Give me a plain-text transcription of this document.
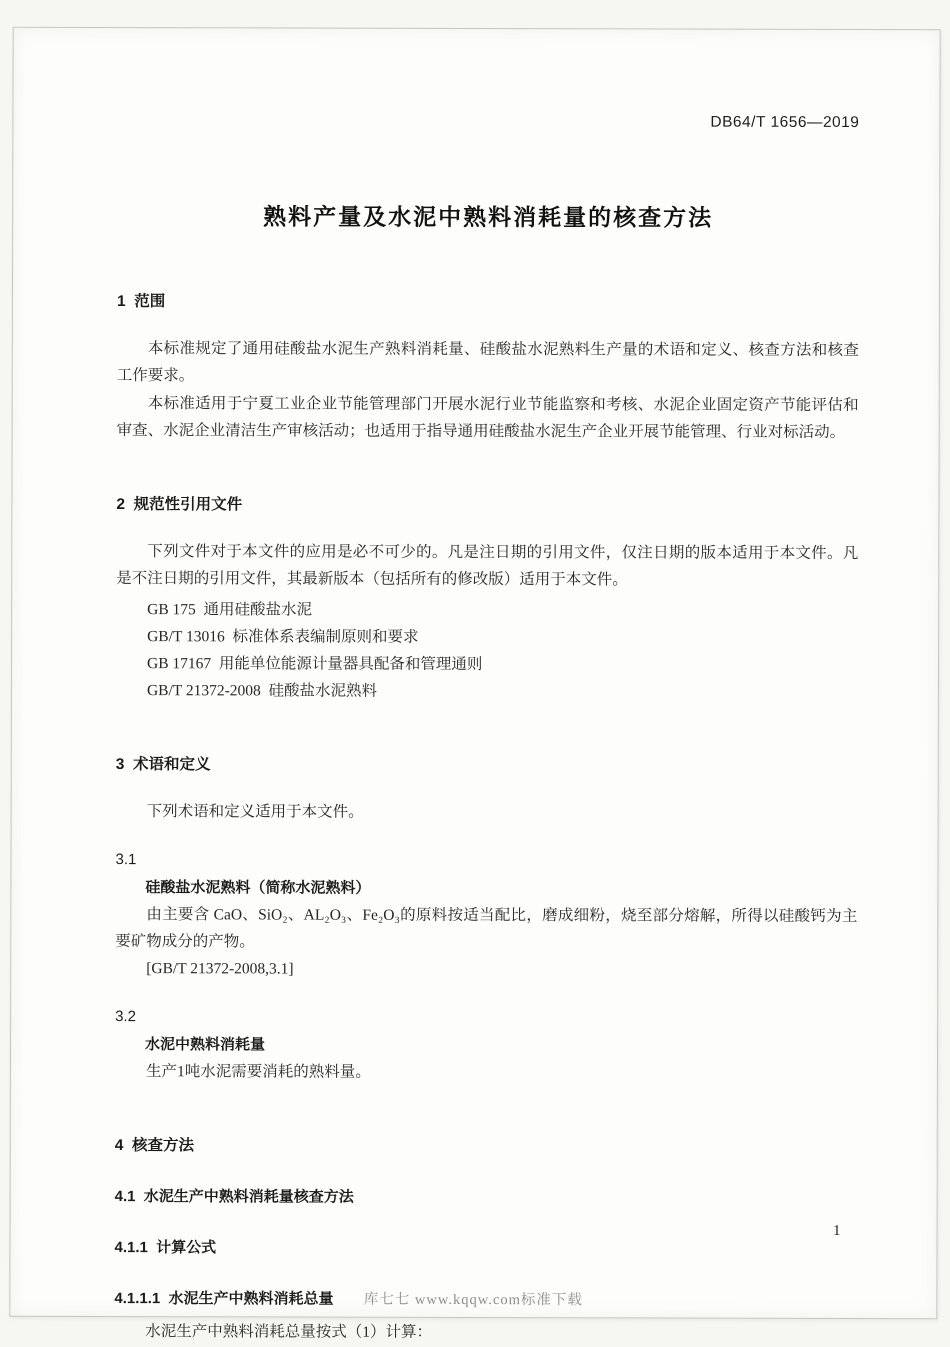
DB64/T 1656—2019
熟料产量及水泥中熟料消耗量的核查方法
1  范围
本标准规定了通用硅酸盐水泥生产熟料消耗量、硅酸盐水泥熟料生产量的术语和定义、核查方法和核查工作要求。
本标准适用于宁夏工业企业节能管理部门开展水泥行业节能监察和考核、水泥企业固定资产节能评估和审查、水泥企业清洁生产审核活动；也适用于指导通用硅酸盐水泥生产企业开展节能管理、行业对标活动。
2  规范性引用文件
下列文件对于本文件的应用是必不可少的。凡是注日期的引用文件，仅注日期的版本适用于本文件。凡是不注日期的引用文件，其最新版本（包括所有的修改版）适用于本文件。
GB 175  通用硅酸盐水泥
GB/T 13016  标准体系表编制原则和要求
GB 17167  用能单位能源计量器具配备和管理通则
GB/T 21372-2008  硅酸盐水泥熟料
3  术语和定义
下列术语和定义适用于本文件。
3.1
硅酸盐水泥熟料（简称水泥熟料）
由主要含 CaO、SiO₂、AL₂O₃、Fe₂O₃的原料按适当配比，磨成细粉，烧至部分熔解，所得以硅酸钙为主要矿物成分的产物。
[GB/T 21372-2008,3.1]
3.2
水泥中熟料消耗量
生产1吨水泥需要消耗的熟料量。
4  核查方法
4.1  水泥生产中熟料消耗量核查方法
4.1.1  计算公式
4.1.1.1  水泥生产中熟料消耗总量
水泥生产中熟料消耗总量按式（1）计算：
1
库七七 www.kqqw.com标准下载
